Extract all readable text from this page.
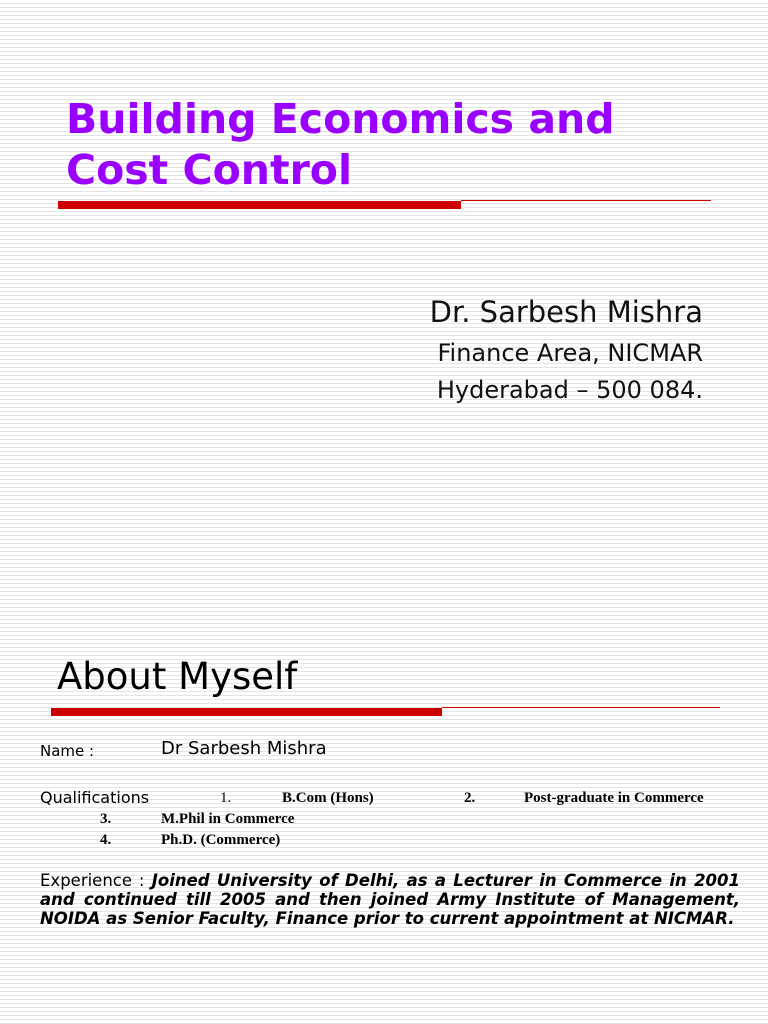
Building Economics and Cost Control
Dr. Sarbesh Mishra
Finance Area, NICMAR
Hyderabad – 500 084.
About Myself
Name :	Dr Sarbesh Mishra
Qualifications	1.	B.Com (Hons)	2.	Post-graduate in Commerce
3.	M.Phil in Commerce
4.	Ph.D. (Commerce)
Experience : Joined University of Delhi, as a Lecturer in Commerce in 2001 and continued till 2005 and then joined Army Institute of Management, NOIDA as Senior Faculty, Finance prior to current appointment at NICMAR.
